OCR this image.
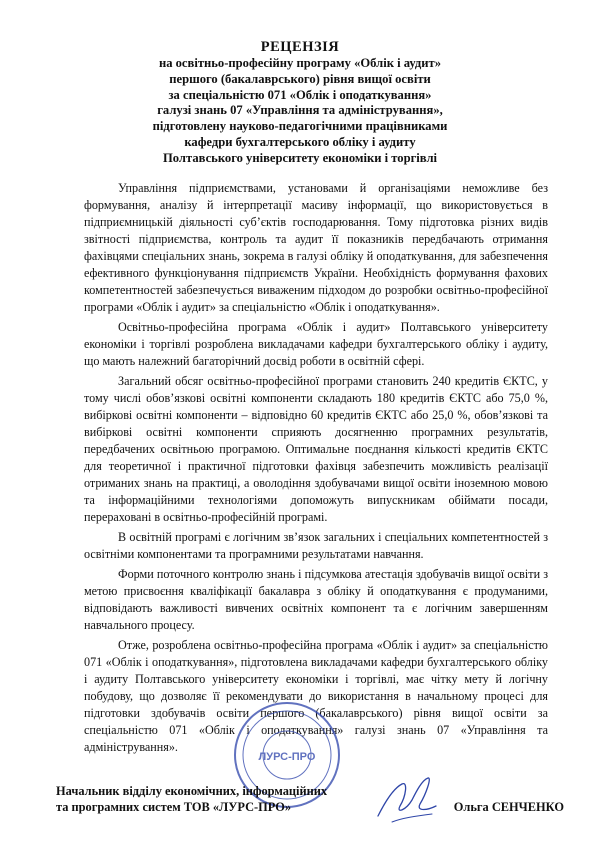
РЕЦЕНЗІЯ
на освітньо-професійну програму «Облік і аудит»
першого (бакалаврського) рівня вищої освіти
за спеціальністю 071 «Облік і оподаткування»
галузі знань 07 «Управління та адміністрування»,
підготовлену науково-педагогічними працівниками
кафедри бухгалтерського обліку і аудиту
Полтавського університету економіки і торгівлі

Управління підприємствами, установами й організаціями неможливе без формування, аналізу й інтерпретації масиву інформації, що використовується в підприємницькій діяльності суб’єктів господарювання. Тому підготовка різних видів звітності підприємства, контроль та аудит її показників передбачають отримання фахівцями спеціальних знань, зокрема в галузі обліку й оподаткування, для забезпечення ефективного функціонування підприємств України. Необхідність формування фахових компетентностей забезпечується виваженим підходом до розробки освітньо-професійної програми «Облік і аудит» за спеціальністю «Облік і оподаткування».

Освітньо-професійна програма «Облік і аудит» Полтавського університету економіки і торгівлі розроблена викладачами кафедри бухгалтерського обліку і аудиту, що мають належний багаторічний досвід роботи в освітній сфері.

Загальний обсяг освітньо-професійної програми становить 240 кредитів ЄКТС, у тому числі обов’язкові освітні компоненти складають 180 кредитів ЄКТС або 75,0 %, вибіркові освітні компоненти – відповідно 60 кредитів ЄКТС або 25,0 %, обов’язкові та вибіркові освітні компоненти сприяють досягненню програмних результатів, передбачених освітньою програмою. Оптимальне поєднання кількості кредитів ЄКТС для теоретичної і практичної підготовки фахівця забезпечить можливість реалізації отриманих знань на практиці, а оволодіння здобувачами вищої освіти іноземною мовою та інформаційними технологіями допоможуть випускникам обіймати посади, перераховані в освітньо-професійній програмі.

В освітній програмі є логічним зв’язок загальних і спеціальних компетентностей з освітніми компонентами та програмними результатами навчання.

Форми поточного контролю знань і підсумкова атестація здобувачів вищої освіти з метою присвоєння кваліфікації бакалавра з обліку й оподаткування є продуманими, відповідають важливості вивчених освітніх компонент та є логічним завершенням навчального процесу.

Отже, розроблена освітньо-професійна програма «Облік і аудит» за спеціальністю 071 «Облік і оподаткування», підготовлена викладачами кафедри бухгалтерського обліку і аудиту Полтавського університету економіки і торгівлі, має чітку мету й логічну побудову, що дозволяє її рекомендувати до використання в начальному процесі для підготовки здобувачів освіти першого (бакалаврського) рівня вищої освіти за спеціальністю 071 «Облік і оподаткування» галузі знань 07 «Управління та адміністрування».

ЛУРС-ПРО
Начальник відділу економічних, інформаційних
та програмних систем ТОВ «ЛУРС-ПРО»	Ольга СЕНЧЕНКО
